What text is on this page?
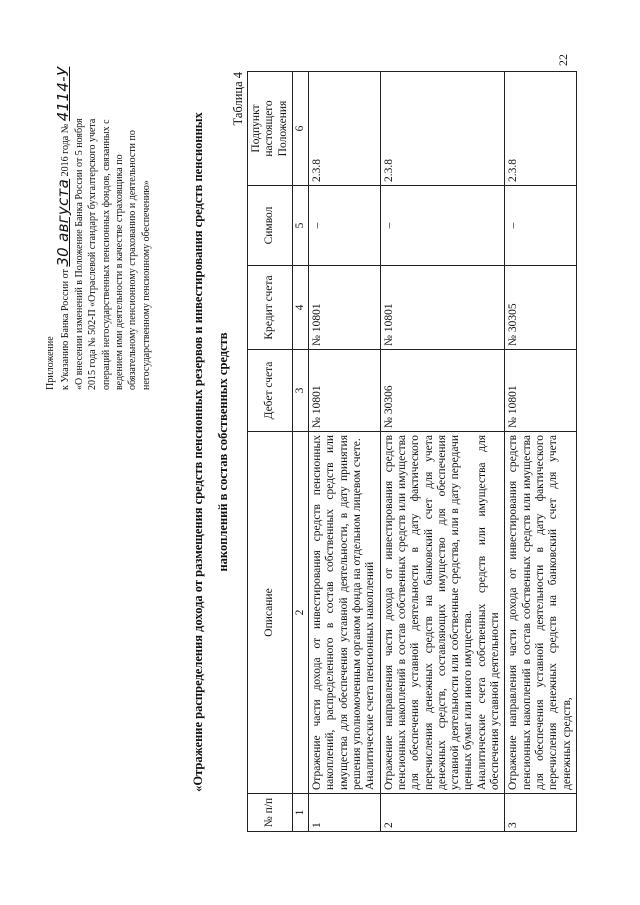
Приложение к Указанию Банка России от 30 августа 2016 года № 4114-У
«О внесении изменений в Положение Банка России от 5 ноября 2015 года № 502-П «Отраслевой стандарт бухгалтерского учета операций негосударственных пенсионных фондов, связанных с ведением ими деятельности в качестве страховщика по обязательному пенсионному страхованию и деятельности по негосударственному пенсионному обеспечению»	«Отражение распределения дохода от размещения средств пенсионных резервов и инвестирования средств пенсионных накоплений в состав собственных средств
Таблица 4
№ п/п	Описание	Дебет счета	Кредит счета	Символ	Подпункт настоящего Положения
1	2	3	4	5	6
1	Отражение части дохода от инвестирования средств пенсионных накоплений, распределенного в состав собственных средств или имущества для обеспечения уставной деятельности, в дату принятия решения уполномоченным органом фонда на отдельном лицевом счете. Аналитические счета пенсионных накоплений	№ 10801	№ 10801	–	2.3.8
2	Отражение направления части дохода от инвестирования средств пенсионных накоплений в состав собственных средств или имущества для обеспечения уставной деятельности в дату фактического перечисления денежных средств на банковский счет для учета денежных средств, составляющих имущество для обеспечения уставной деятельности или собственные средства, или в дату передачи ценных бумаг или иного имущества. Аналитические счета собственных средств или имущества для обеспечения уставной деятельности	№ 30306	№ 10801	–	2.3.8
3	Отражение направления части дохода от инвестирования средств пенсионных накоплений в состав собственных средств или имущества для обеспечения уставной деятельности в дату фактического перечисления денежных средств на банковский счет для учета денежных средств,	№ 10801	№ 30305	–	2.3.8
22
